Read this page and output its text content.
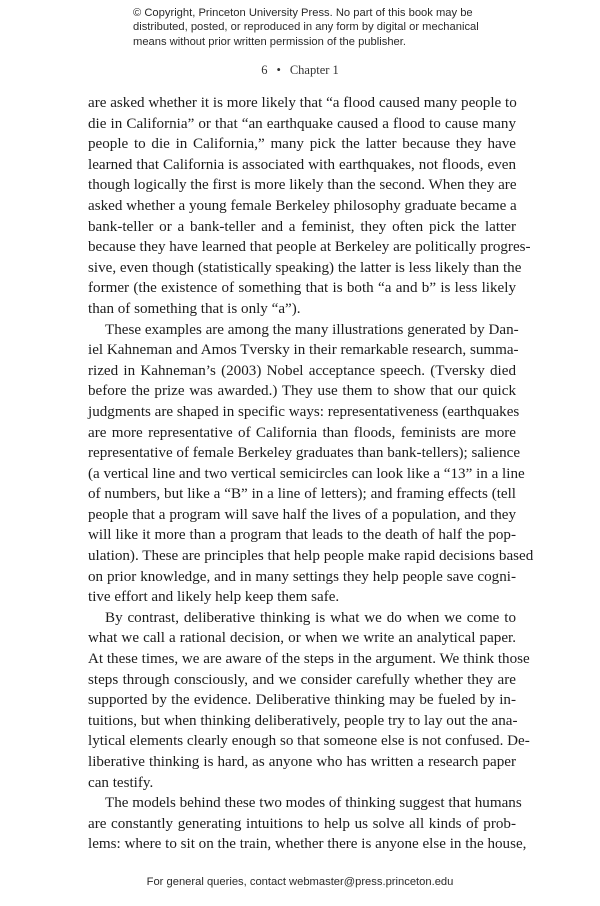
© Copyright, Princeton University Press. No part of this book may be
distributed, posted, or reproduced in any form by digital or mechanical
means without prior written permission of the publisher.
6 • Chapter 1

are asked whether it is more likely that “a flood caused many people to
die in California” or that “an earthquake caused a flood to cause many
people to die in California,” many pick the latter because they have
learned that California is associated with earthquakes, not floods, even
though logically the first is more likely than the second. When they are
asked whether a young female Berkeley philosophy graduate became a
bank-teller or a bank-teller and a feminist, they often pick the latter
because they have learned that people at Berkeley are politically progres-
sive, even though (statistically speaking) the latter is less likely than the
former (the existence of something that is both “a and b” is less likely
than of something that is only “a”).

These examples are among the many illustrations generated by Dan-
iel Kahneman and Amos Tversky in their remarkable research, summa-
rized in Kahneman’s (2003) Nobel acceptance speech. (Tversky died
before the prize was awarded.) They use them to show that our quick
judgments are shaped in specific ways: representativeness (earthquakes
are more representative of California than floods, feminists are more
representative of female Berkeley graduates than bank-tellers); salience
(a vertical line and two vertical semicircles can look like a “13” in a line
of numbers, but like a “B” in a line of letters); and framing effects (tell
people that a program will save half the lives of a population, and they
will like it more than a program that leads to the death of half the pop-
ulation). These are principles that help people make rapid decisions based
on prior knowledge, and in many settings they help people save cogni-
tive effort and likely help keep them safe.

By contrast, deliberative thinking is what we do when we come to
what we call a rational decision, or when we write an analytical paper.
At these times, we are aware of the steps in the argument. We think those
steps through consciously, and we consider carefully whether they are
supported by the evidence. Deliberative thinking may be fueled by in-
tuitions, but when thinking deliberatively, people try to lay out the ana-
lytical elements clearly enough so that someone else is not confused. De-
liberative thinking is hard, as anyone who has written a research paper
can testify.

The models behind these two modes of thinking suggest that humans
are constantly generating intuitions to help us solve all kinds of prob-
lems: where to sit on the train, whether there is anyone else in the house,

For general queries, contact webmaster@press.princeton.edu
